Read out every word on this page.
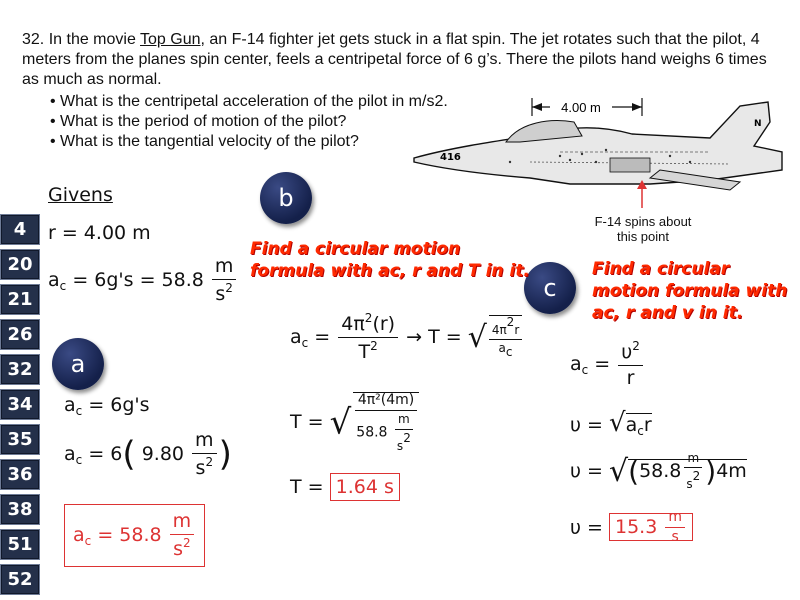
32. In the movie Top Gun, an F-14 fighter jet gets stuck in a flat spin. The jet rotates such that the pilot, 4 meters from the planes spin center, feels a centripetal force of 6 g’s. There the pilots hand weighs 6 times as much as normal.
• What is the centripetal acceleration of the pilot in m/s2.
• What is the period of motion of the pilot?
• What is the tangential velocity of the pilot?
4.00 m
416
N
F-14 spins about this point
4
20
21
26
32
34
35
36
38
51
52
Givens
r = 4.00 m
$a_c = 6g's = 58.8 \frac{m}{s^2}$
b
a
c
$a_c = 6g's$
$a_c = 6$( $9.80 \frac{m}{s^2}$ )
$a_c = 58.8 \frac{m}{s^2}$
Find a circular motion formula with aᴄ, r and T in it.
$a_c = \frac{4\pi^2(r)}{T^2} \to T$ = √ $\frac{4\pi 2r}{ac}$
T = √ $\frac{\text{4π²(4m)}}{58.8 \frac{m}{s2}}$
T = 1.64 s
Find a circular motion formula with aᴄ, r and v in it.
$a_c = \frac{\upsilon^2}{r}$
$\upsilon = √a_cr$
$\upsilon = √(58.8 \frac{m}{s2} )4m$
$\upsilon = 15.3 \frac{m}{s}$
